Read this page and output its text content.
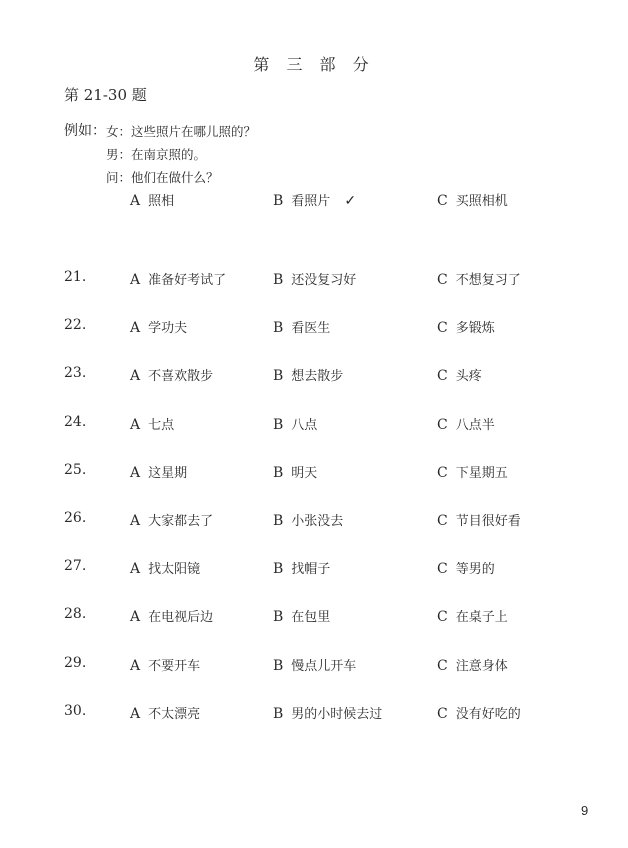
第 三 部 分
第 21-30 题
例如： 女：这些照片在哪儿照的？
男：在南京照的。
问：他们在做什么？
A 照相	B 看照片 ✓	C 买照相机
21.	A 准备好考试了	B 还没复习好	C 不想复习了
22.	A 学功夫	B 看医生	C 多锻炼
23.	A 不喜欢散步	B 想去散步	C 头疼
24.	A 七点	B 八点	C 八点半
25.	A 这星期	B 明天	C 下星期五
26.	A 大家都去了	B 小张没去	C 节目很好看
27.	A 找太阳镜	B 找帽子	C 等男的
28.	A 在电视后边	B 在包里	C 在桌子上
29.	A 不要开车	B 慢点儿开车	C 注意身体
30.	A 不太漂亮	B 男的小时候去过	C 没有好吃的
9
